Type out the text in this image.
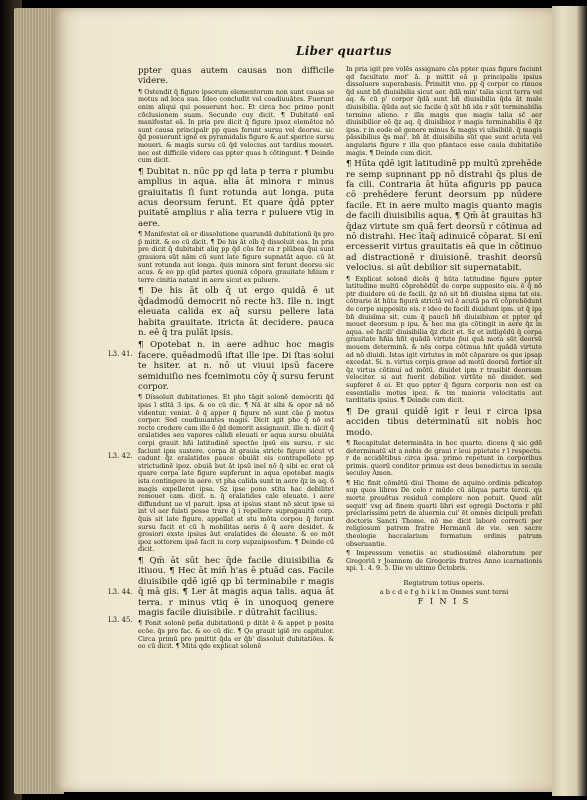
Liber quartus
L3. 41.
L3. 42.
L3. 44.
L3. 45.

ppter quas autem causas non difficile videre.

¶ Ostendit q̄ figure ipsorum elementorum non sunt causa se motus ad loca sua. Ideo concludit vel coadiuuātes. Fuerunt enim aliqui qui posuerunt hoc. Et circa hoc primo ponit cõclusionem suam. Secundo cuy dicit. ¶ Dubitatē enī manifestat eā. In pria pre dicit q̄ figure ipsoz elemētoz nō sunt causa principalr pp quas ferunt sursu vel deorsu. sic q̄d posuerunt ignē ex pyramidalis figure & aut sperice sursu moueri. & magis sursu cū q̄d velocius aut tardius moueri. nec est difficile videre cas ppter quas h cōtingunt. ¶ Deinde cum dicit.

¶ Dubitat n. nūc pp qd lata p terra r piumbu amplius in aqua. alia āt minora r minus graiuitatis ſi ſunt rotunda aut longa. puta acus deorsum ferunt. Et quare q̄dā ppter puitatē amplius r alia terra r puluere vtig in aere.

¶ Manifestat eā er dissolutione quarundā dubitationū q̄s pro p̄ mitit. & eo cū dicit. ¶ De his āt olb q̄ dissoluit eas. In pria pre dicit q̄ dubitabit aliq pp q̄d cūs fer ra r plūbea q̄ui sunt grauiora sūt nām cū sunt late figure supnatāt aque. cū āt sunt rotunda aut longa. q̄uis minora sint ferunt deorsu sic acus. & eo pp qūd partes quoniā cōpora grauitate hñium r terre cinitia natant in aere sicut ex puluere.

¶ De his āt olb q̄ ut ergo quidā ē ut q̄dadmodū democrit nō recte h3. Ille n. ingt eleuata calida ex aq̄ sursu pellere lata habita grauitate. itricta āt decidere. pauca n. eē q̄ tra pulāt ipsis.

¶ Opotebat n. in aere adhuc hoc magis facere. quēadmodū iftat ille ipe. Di ſtas solui te hsiter. at n. nō ut viuui ipsū facere semiduiſio nes fcemimotu cōy q̄ sursu ferunt corpor.

¶ Dissoluit dubitationes. Et pho tāgit solonē democriti q̄d ipas ī stītā 3 ips. & eo cū dic. ¶ Nā āt sibi & opor nā nõ videntur. veniat. ē q̄ apper q̄ figure nō sunt cāe p̄ motus corpor. Sed coadiuuantes magis. Dicit igit pho q̄ nō est recte credere cam illo ē q̄d demorit assignauit. ille n. dicit q̄ eralatides seu vapores calidi eleuati er aqua sursu obuiāta corpi grauit hñi latitudinē spectūe ipsū eis sursu. r sic faciunt ipm sustere. corpa āt grauia stricte figure sicut vt cadunt q̄z eralatides pauce obuiāt eis contrapellete pp strictudinē ipoz. obuiā but āt ipsū inel nō q̄ sibi ec erat cā quare corpa late figure supferunt in aqua opotebat magis ista contingere in aere. vt pha calida sunt in aere q̄z in aq. ō magis expelleret ipsa. Sz ipse pono stita hac debilitet remouet cam. dicit. n. q̄ eralatides cale eleuate. i aere diffundunt ue vl paruit. ipsa at ipsius stant nō sicut ipse ui int vl aer fuisti posse trare q̄ i repellere supragauitū corp. q̄uis sit late figure. appellat at stu mōta corpou q̄ ferunt sursu facit et cū h mobilitas aeris ē q̄ aere desidet. & grosiori exste ipsius āut eralatides de eleuate. & eo mōt ipoz sottorem ipsē facit iu corp supzaipsosfum. ¶ Deinde cū dicit.

¶ Qm̄ āt sūt hec q̄de facile diuisibilia & itiuou. ¶ Hec āt min̄ h'as ē ptuād cas. Facile diuisibile qdē igiē qp bī terminabile r magis q̄ mā gis. ¶ Ler āt magis aqua talis. aqua āt terra. r minus vtiq ē in unoquoq genere magis facile diuisibile. r dūtrahit facilius.

¶ Ponit solonē peña dubitationū p ditāt ē & appet p posita ecōe. q̄s pro fac. & eo cū dic. ¶ Qe grauit igiē ire capitulor. Circa primū pro pmittit q̄da er q̄b' dissoluit dubitatiōes. & eo cū dicit. ¶ Mita qde explicat solonē

In pria igit pre volēs assignare cās ppter quas figure faciunt qd facultate mot' ã. p mittit eā p principalis ipsius dissoluere superabasis. Primitit vno. pp q̄ corpor co rinuos q̄d sunt bñ diuisibilia sicut aer. q̄dā min' talia sicut terra vel aq. & cū p' corpor q̄dā sunt bñ diuisibilia q̄da āt male diuisibilia. q̄ūda aut sic facile q̄ sūt bñ ida r sūt terminabilia termino alieno. r illa magis que magis talia sc̄ aer diuisibilior eē q̄z aq. q̄ diuisibioz r magis terminabilis ē q̄z ipsa. r in eode eē genere minus & magis vi ulisibilē. q̄ magis pāssibilius q̄s mai'. bñ āt diuisibilia sūt que sunt acuta vel angularis figure r illa quo pfantace esse caula dubitatiōe magis. ¶ Deinde cum dicit.

¶ Hūta qdē igit latitudinē pp multū zprehēde re semp supnnant pp nō distrahi q̄s plus de fa cili. Contraria āt hūta afiguris pp pauca cō prehēdere ferunt deorsum pp nūdere facile. Et in aere multo magis quanto magis de facili diuisibilis aqua. ¶ Qm̄ āt grauitas h3 q̄daz virtute sm quā fert deorsū r cōtinua ad nō distrahi. Hec ītaq̄ adinuicē cōparat. Si enī ercesserit virtus grauitatis eā que in cōtinuo ad distractionē r diuisionē. trashit deorsū velocius. si aūt debilior sit supernatabit.

¶ Explicat solonē dicēs q̄ hūta latitudine figure ppter latitudine multū cōprehēdūt de corpe supposito eis. ē q̄ nō ptr diuidere eū de facili. q̄z nō sit bñ diuisīna sipna tat eis. cōtrarie āt hūta figurā strictā vel ē acutā pa rū cōprehēdunt de corpe supposito eis. r ideo de facili diuidunt ipm. ut q̄ ipa bñ diuisīma sit. cum q̄ paucū bñ diuisibium et ppter qd̄ mouet deorsum p ipu. & hec ma gis cōtingit in aere q̄z in aqua. eē facili' diuisibilia q̄z dicit et. Sz et intligēdū q̄ corpa grauitate hñia hñt quādā virtute p̄ui quā mota sūt deorsū mouem determinā. & nēs corpa cōtinua hñt quādā virtute ad nō diuidi. Istas igit virtutes in mōt cōparare os que ipsap excedat. Si. n. virtus corpis graue ad motū deorsū fortior sit q̄z virtus cōtinui ad mōtū. diuidet ipm r trasibit deorsum velociter. si aut fuerit debilioz virtūte nō diuidet. sed supferet ē ei. Et quo ppter q̄ figura corporis non est ca essentialis motus ipoz. & tm maioris velocitatis aut tarditatis ipsius. ¶ Deinde cum dicit.

¶ De graui quidē igit r leui r circa ipsa acciden tibus determinatū sit nobis hoc modo.

¶ Recapitulat determināta in hoc quarto. dicens q̄ sic gdē determinatū sit a nobis de graui r leui ppietate r ī respectu. r de accidētibus circa ipsa. primo repetunt in corporibus primis. quorū conditor primus est deus benedictus in secula seculoy Amen.

¶ Hic finit cōmētū diui Thome de aquino ordinis pdicatop sup quos libros De celo r mūdo cū aliqua parte tercii. qu morte preuētus residuū complere non potuit. Quod aūt sequit' vsq ad finem quarti libri est egregii Doctoris r phī preclarissimi petri de aluernia cui' ēt omnes dicipuli prefati doctoris Sancti Thome. nō me dicit laborē correcti per religiosum patrem fratre Hermanū de vie. sen sacre theologie baccalarium formatum ordinis patrum obseruantie.

¶ Impressum venetiis ac studiossimē elaboratum per Gregoriū r Joannem de Gregoriis fratres Anno icarnationis xpi. 1. 4. 9. 5. Die vo ultimo Octobris.

Registrum totius operis.
a b c d e f g h i k l m Omnes sunt terni
F I N I S
